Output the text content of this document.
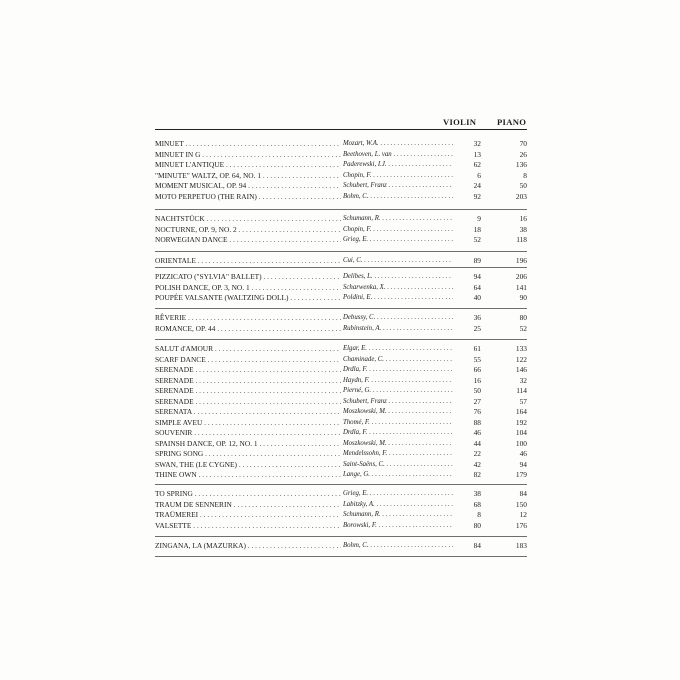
VIOLIN PIANO
MINUET . . .	Mozart, W.A. . . .	32	70
MINUET IN G . . .	Beethoven, L. van . . .	13	26
MINUET L'ANTIQUE . . .	Paderewski, I.J. . . .	62	136
"MINUTE" WALTZ, OP. 64, NO. 1 . . .	Chopin, F. . . .	6	8
MOMENT MUSICAL, OP. 94 . . .	Schubert, Franz . . .	24	50
MOTO PERPETUO (THE RAIN) . . .	Bohm, C. . . .	92	203
NACHTSTÜCK . . .	Schumann, R. . . .	9	16
NOCTURNE, OP. 9, NO. 2 . . .	Chopin, F. . . .	18	38
NORWEGIAN DANCE . . .	Grieg, E. . . .	52	118
ORIENTALE . . .	Cui, C. . . .	89	196
PIZZICATO ("SYLVIA" BALLET) . . .	Delibes, L. . . .	94	206
POLISH DANCE, OP. 3, NO. 1 . . .	Scharwenka, X. . . .	64	141
POUPÉE VALSANTE (WALTZING DOLL) . . .	Poldini, E. . . .	40	90
RÊVERIE . . .	Debussy, C. . . .	36	80
ROMANCE, OP. 44 . . .	Rubinstein, A. . . .	25	52
SALUT d'AMOUR . . .	Elgar, E. . . .	61	133
SCARF DANCE . . .	Chaminade, C. . . .	55	122
SERENADE . . .	Drdla, F. . . .	66	146
SERENADE . . .	Haydn, F. . . .	16	32
SERENADE . . .	Pierné, G. . . .	50	114
SERENADE . . .	Schubert, Franz . . .	27	57
SERENATA . . .	Moszkowski, M. . . .	76	164
SIMPLE AVEU . . .	Thomé, F. . . .	88	192
SOUVENIR . . .	Drdla, F. . . .	46	104
SPAINSH DANCE, OP. 12, NO. 1 . . .	Moszkowski, M. . . .	44	100
SPRING SONG . . .	Mendelssohn, F. . . .	22	46
SWAN, THE (LE CYGNE) . . .	Saint-Saëns, C. . . .	42	94
THINE OWN . . .	Lange, G. . . .	82	179
TO SPRING . . .	Grieg, E. . . .	38	84
TRAUM DE SENNERIN . . .	Labitzky, A. . . .	68	150
TRAÜMEREI . . .	Schumann, R. . . .	8	12
VALSETTE . . .	Borowski, F. . . .	80	176
ZINGANA, LA (MAZURKA) . . .	Bohm, C. . . .	84	183
